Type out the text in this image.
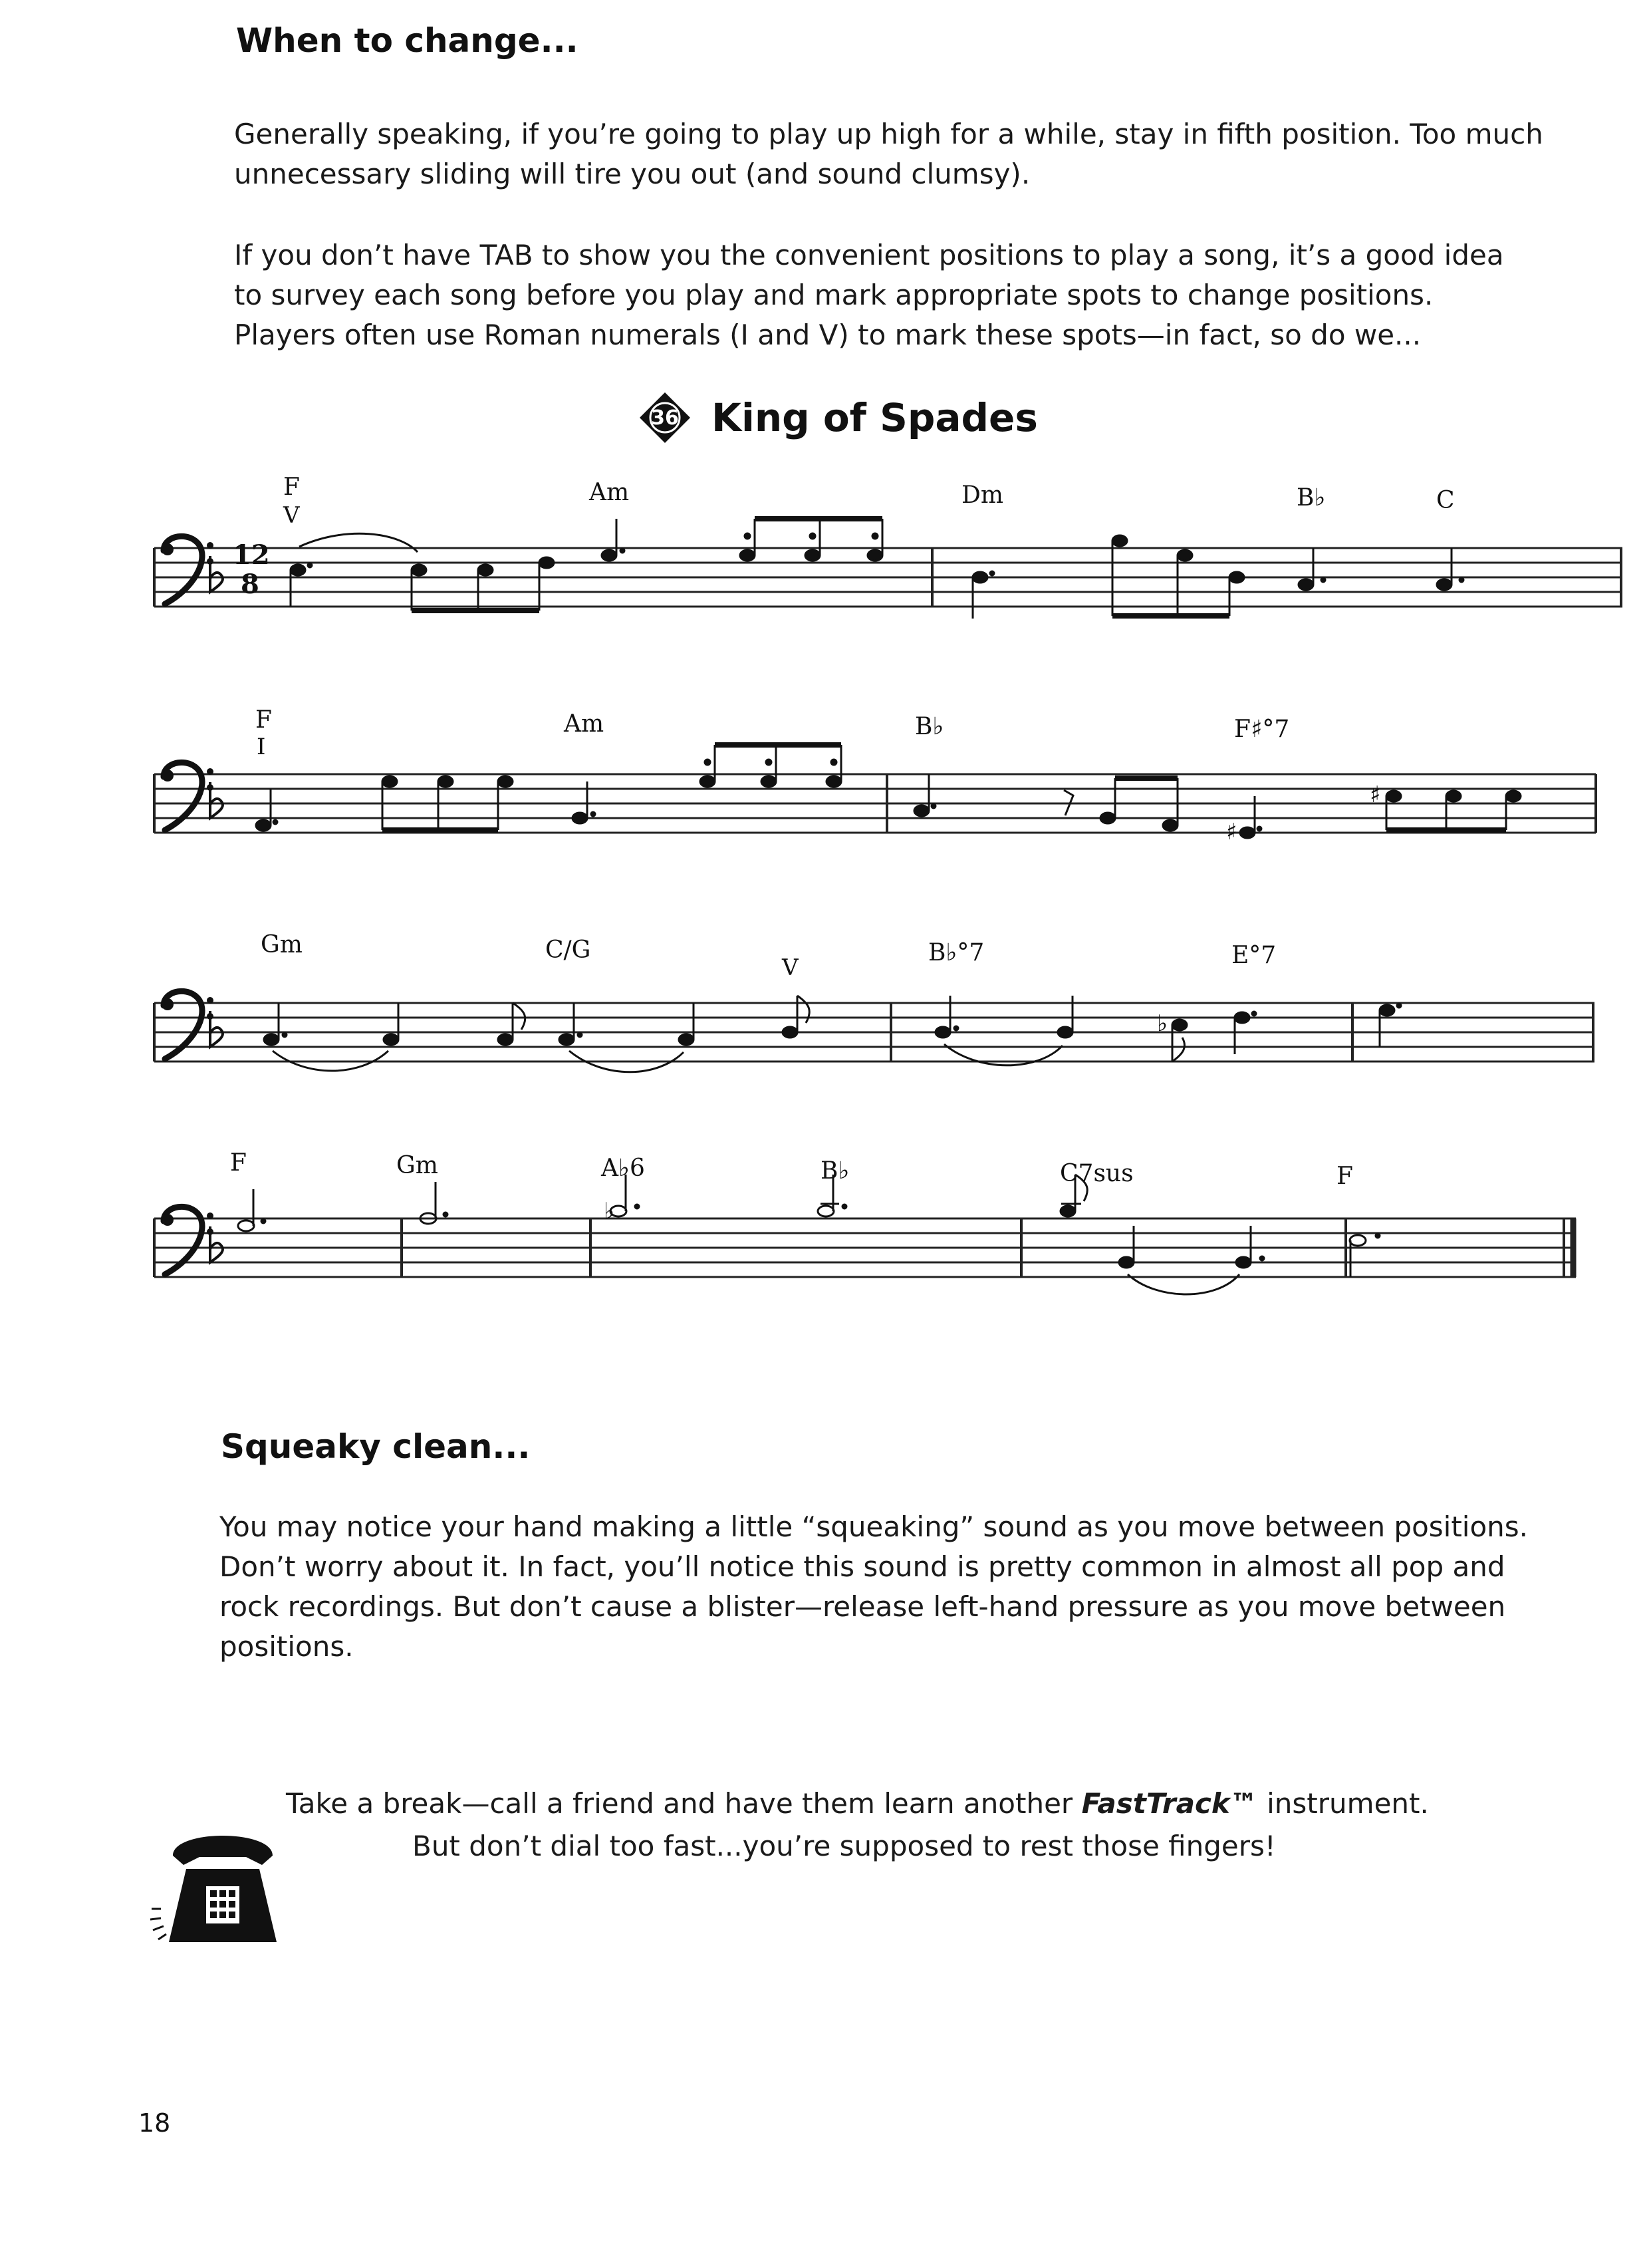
When to change...

Generally speaking, if you’re going to play up high for a while, stay in fifth position. Too much
unnecessary sliding will tire you out (and sound clumsy).

If you don’t have TAB to show you the convenient positions to play a song, it’s a good idea
to survey each song before you play and mark appropriate spots to change positions.
Players often use Roman numerals (I and V) to mark these spots—in fact, so do we...

36 King of Spades
12
8
F
V
Am	Dm	B♭	C
F
I
Am	B♭	F♯°7
♯
♯
Gm	C/G
V
B♭°7	E°7
♭
F	Gm	A♭6	B♭	C7sus	F
♭
Squeaky clean...

You may notice your hand making a little “squeaking” sound as you move between positions.
Don’t worry about it. In fact, you’ll notice this sound is pretty common in almost all pop and
rock recordings. But don’t cause a blister—release left-hand pressure as you move between
positions.

Take a break—call a friend and have them learn another FastTrack™ instrument.
But don’t dial too fast...you’re supposed to rest those fingers!
18
